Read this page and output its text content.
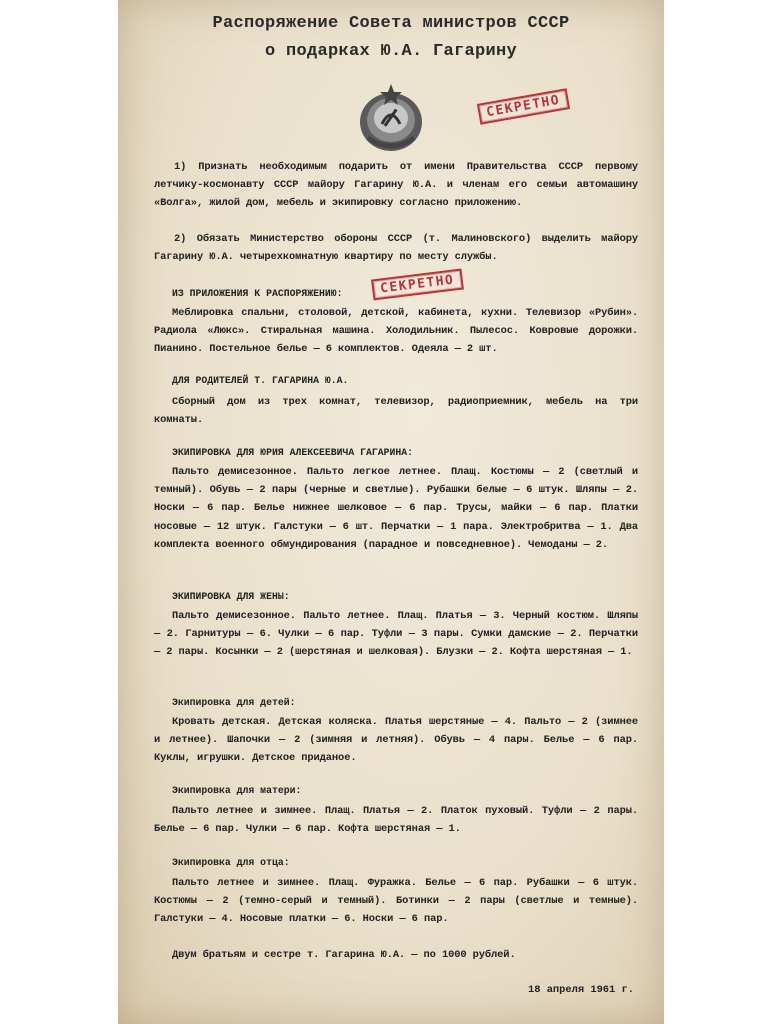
Распоряжение Совета министров СССР
о подарках Ю.А. Гагарину
СЕКРЕТНО
СЕКРЕТНО
1) Признать необходимым подарить от имени Правительства СССР первому летчику-космонавту СССР майору Гагарину Ю.А. и членам его семьи автомашину «Волга», жилой дом, мебель и экипировку согласно приложению.
2) Обязать Министерство обороны СССР (т. Малиновского) выделить майору Гагарину Ю.А. четырехкомнатную квартиру по месту службы.
ИЗ ПРИЛОЖЕНИЯ К РАСПОРЯЖЕНИЮ:
Меблировка спальни, столовой, детской, кабинета, кухни. Телевизор «Рубин». Радиола «Люкс». Стиральная машина. Холодильник. Пылесос. Ковровые дорожки. Пианино. Постельное белье — 6 комплектов. Одеяла — 2 шт.
ДЛЯ РОДИТЕЛЕЙ Т. ГАГАРИНА Ю.А.
Сборный дом из трех комнат, телевизор, радиоприемник, мебель на три комнаты.
ЭКИПИРОВКА ДЛЯ ЮРИЯ АЛЕКСЕЕВИЧА ГАГАРИНА:
Пальто демисезонное. Пальто легкое летнее. Плащ. Костюмы — 2 (светлый и темный). Обувь — 2 пары (черные и светлые). Рубашки белые — 6 штук. Шляпы — 2. Носки — 6 пар. Белье нижнее шелковое — 6 пар. Трусы, майки — 6 пар. Платки носовые — 12 штук. Галстуки — 6 шт. Перчатки — 1 пара. Электробритва — 1. Два комплекта военного обмундирования (парадное и повседневное). Чемоданы — 2.
ЭКИПИРОВКА ДЛЯ ЖЕНЫ:
Пальто демисезонное. Пальто летнее. Плащ. Платья — 3. Черный костюм. Шляпы — 2. Гарнитуры — 6. Чулки — 6 пар. Туфли — 3 пары. Сумки дамские — 2. Перчатки — 2 пары. Косынки — 2 (шерстяная и шелковая). Блузки — 2. Кофта шерстяная — 1.
Экипировка для детей:
Кровать детская. Детская коляска. Платья шерстяные — 4. Пальто — 2 (зимнее и летнее). Шапочки — 2 (зимняя и летняя). Обувь — 4 пары. Белье — 6 пар. Куклы, игрушки. Детское приданое.
Экипировка для матери:
Пальто летнее и зимнее. Плащ. Платья — 2. Платок пуховый. Туфли — 2 пары. Белье — 6 пар. Чулки — 6 пар. Кофта шерстяная — 1.
Экипировка для отца:
Пальто летнее и зимнее. Плащ. Фуражка. Белье — 6 пар. Рубашки — 6 штук. Костюмы — 2 (темно-серый и темный). Ботинки — 2 пары (светлые и темные). Галстуки — 4. Носовые платки — 6. Носки — 6 пар.
Двум братьям и сестре т. Гагарина Ю.А. — по 1000 рублей.
18 апреля 1961 г.
